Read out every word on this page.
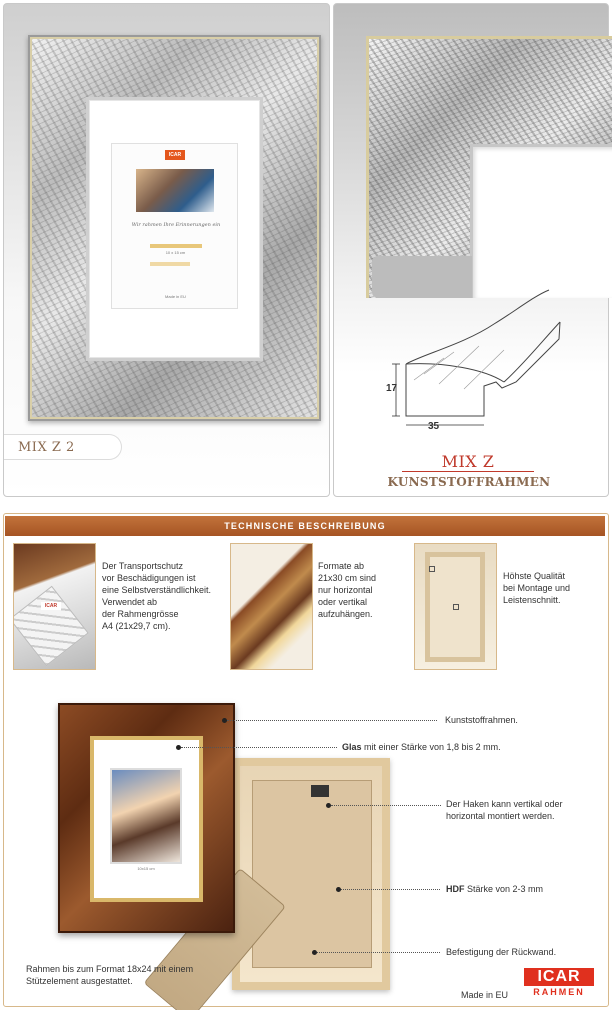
ICAR
Wir rahmen Ihre Erinnerungen ein
10 x 15 cm
Made in EU
MIX Z 2
17
35
MIX Z
KUNSTSTOFFRAHMEN
TECHNISCHE BESCHREIBUNG
ICAR
Der Transportschutz
vor Beschädigungen ist
eine Selbstverständlichkeit.
Verwendet ab
der Rahmengrösse
A4 (21x29,7 cm).
Formate ab
21x30 cm sind
nur horizontal
oder vertikal
aufzuhängen.
Höhste Qualität
bei Montage und
Leistenschnitt.
10x15 cm
Kunststoffrahmen.
Glas mit einer Stärke von 1,8 bis 2 mm.
Der Haken kann vertikal oder horizontal montiert werden.
HDF Stärke von 2-3 mm
Befestigung der Rückwand.
Rahmen bis zum Format 18x24 mit einem Stützelement ausgestattet.
Made in EU
ICAR
RAHMEN
